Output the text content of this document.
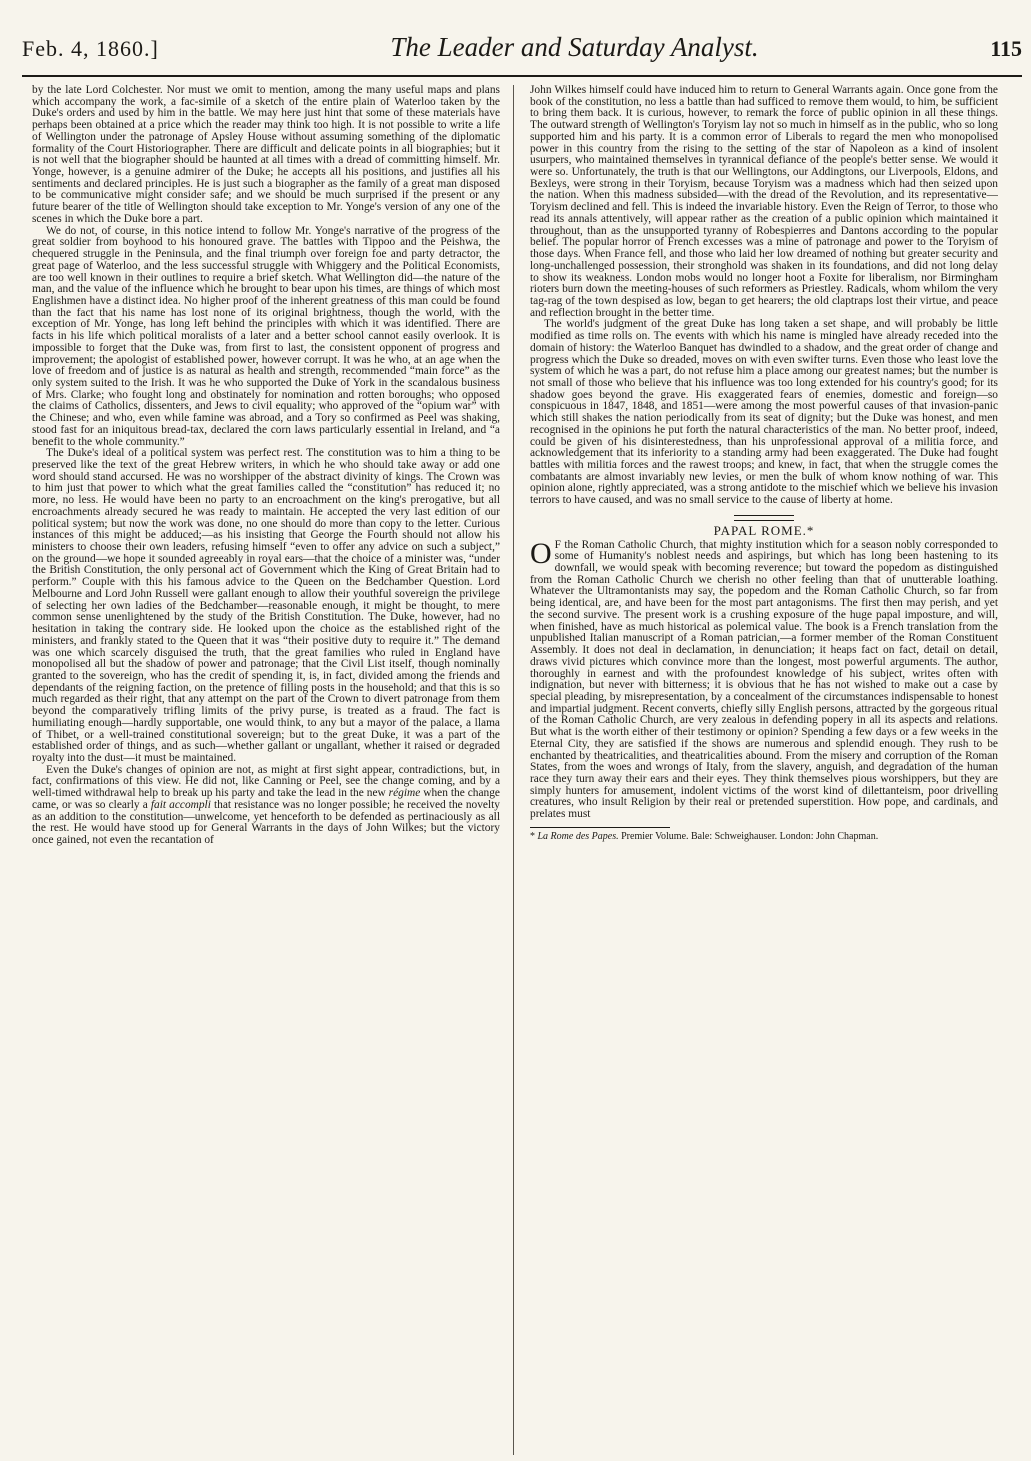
Feb. 4, 1860.]	The Leader and Saturday Analyst.	115

by the late Lord Colchester. Nor must we omit to mention, among the many useful maps and plans which accompany the work, a fac-simile of a sketch of the entire plain of Waterloo taken by the Duke's orders and used by him in the battle. We may here just hint that some of these materials have perhaps been obtained at a price which the reader may think too high. It is not possible to write a life of Wellington under the patronage of Apsley House without assuming something of the diplomatic formality of the Court Historiographer. There are difficult and delicate points in all biographies; but it is not well that the biographer should be haunted at all times with a dread of committing himself. Mr. Yonge, however, is a genuine admirer of the Duke; he accepts all his positions, and justifies all his sentiments and declared principles. He is just such a biographer as the family of a great man disposed to be communicative might consider safe; and we should be much surprised if the present or any future bearer of the title of Wellington should take exception to Mr. Yonge's version of any one of the scenes in which the Duke bore a part.

We do not, of course, in this notice intend to follow Mr. Yonge's narrative of the progress of the great soldier from boyhood to his honoured grave. The battles with Tippoo and the Peishwa, the chequered struggle in the Peninsula, and the final triumph over foreign foe and party detractor, the great page of Waterloo, and the less successful struggle with Whiggery and the Political Economists, are too well known in their outlines to require a brief sketch. What Wellington did—the nature of the man, and the value of the influence which he brought to bear upon his times, are things of which most Englishmen have a distinct idea. No higher proof of the inherent greatness of this man could be found than the fact that his name has lost none of its original brightness, though the world, with the exception of Mr. Yonge, has long left behind the principles with which it was identified. There are facts in his life which political moralists of a later and a better school cannot easily overlook. It is impossible to forget that the Duke was, from first to last, the consistent opponent of progress and improvement; the apologist of established power, however corrupt. It was he who, at an age when the love of freedom and of justice is as natural as health and strength, recommended “main force” as the only system suited to the Irish. It was he who supported the Duke of York in the scandalous business of Mrs. Clarke; who fought long and obstinately for nomination and rotten boroughs; who opposed the claims of Catholics, dissenters, and Jews to civil equality; who approved of the “opium war” with the Chinese; and who, even while famine was abroad, and a Tory so confirmed as Peel was shaking, stood fast for an iniquitous bread-tax, declared the corn laws particularly essential in Ireland, and “a benefit to the whole community.”

The Duke's ideal of a political system was perfect rest. The constitution was to him a thing to be preserved like the text of the great Hebrew writers, in which he who should take away or add one word should stand accursed. He was no worshipper of the abstract divinity of kings. The Crown was to him just that power to which what the great families called the “constitution” has reduced it; no more, no less. He would have been no party to an encroachment on the king's prerogative, but all encroachments already secured he was ready to maintain. He accepted the very last edition of our political system; but now the work was done, no one should do more than copy to the letter. Curious instances of this might be adduced;—as his insisting that George the Fourth should not allow his ministers to choose their own leaders, refusing himself “even to offer any advice on such a subject,” on the ground—we hope it sounded agreeably in royal ears—that the choice of a minister was, “under the British Constitution, the only personal act of Government which the King of Great Britain had to perform.” Couple with this his famous advice to the Queen on the Bedchamber Question. Lord Melbourne and Lord John Russell were gallant enough to allow their youthful sovereign the privilege of selecting her own ladies of the Bedchamber—reasonable enough, it might be thought, to mere common sense unenlightened by the study of the British Constitution. The Duke, however, had no hesitation in taking the contrary side. He looked upon the choice as the established right of the ministers, and frankly stated to the Queen that it was “their positive duty to require it.” The demand was one which scarcely disguised the truth, that the great families who ruled in England have monopolised all but the shadow of power and patronage; that the Civil List itself, though nominally granted to the sovereign, who has the credit of spending it, is, in fact, divided among the friends and dependants of the reigning faction, on the pretence of filling posts in the household; and that this is so much regarded as their right, that any attempt on the part of the Crown to divert patronage from them beyond the comparatively trifling limits of the privy purse, is treated as a fraud. The fact is humiliating enough—hardly supportable, one would think, to any but a mayor of the palace, a llama of Thibet, or a well-trained constitutional sovereign; but to the great Duke, it was a part of the established order of things, and as such—whether gallant or ungallant, whether it raised or degraded royalty into the dust—it must be maintained.

Even the Duke's changes of opinion are not, as might at first sight appear, contradictions, but, in fact, confirmations of this view. He did not, like Canning or Peel, see the change coming, and by a well-timed withdrawal help to break up his party and take the lead in the new régime when the change came, or was so clearly a fait accompli that resistance was no longer possible; he received the novelty as an addition to the constitution—unwelcome, yet henceforth to be defended as pertinaciously as all the rest. He would have stood up for General Warrants in the days of John Wilkes; but the victory once gained, not even the recantation of

John Wilkes himself could have induced him to return to General Warrants again. Once gone from the book of the constitution, no less a battle than had sufficed to remove them would, to him, be sufficient to bring them back. It is curious, however, to remark the force of public opinion in all these things. The outward strength of Wellington's Toryism lay not so much in himself as in the public, who so long supported him and his party. It is a common error of Liberals to regard the men who monopolised power in this country from the rising to the setting of the star of Napoleon as a kind of insolent usurpers, who maintained themselves in tyrannical defiance of the people's better sense. We would it were so. Unfortunately, the truth is that our Wellingtons, our Addingtons, our Liverpools, Eldons, and Bexleys, were strong in their Toryism, because Toryism was a madness which had then seized upon the nation. When this madness subsided—with the dread of the Revolution, and its representative—Toryism declined and fell. This is indeed the invariable history. Even the Reign of Terror, to those who read its annals attentively, will appear rather as the creation of a public opinion which maintained it throughout, than as the unsupported tyranny of Robespierres and Dantons according to the popular belief. The popular horror of French excesses was a mine of patronage and power to the Toryism of those days. When France fell, and those who laid her low dreamed of nothing but greater security and long-unchallenged possession, their stronghold was shaken in its foundations, and did not long delay to show its weakness. London mobs would no longer hoot a Foxite for liberalism, nor Birmingham rioters burn down the meeting-houses of such reformers as Priestley. Radicals, whom whilom the very tag-rag of the town despised as low, began to get hearers; the old claptraps lost their virtue, and peace and reflection brought in the better time.

The world's judgment of the great Duke has long taken a set shape, and will probably be little modified as time rolls on. The events with which his name is mingled have already receded into the domain of history: the Waterloo Banquet has dwindled to a shadow, and the great order of change and progress which the Duke so dreaded, moves on with even swifter turns. Even those who least love the system of which he was a part, do not refuse him a place among our greatest names; but the number is not small of those who believe that his influence was too long extended for his country's good; for its shadow goes beyond the grave. His exaggerated fears of enemies, domestic and foreign—so conspicuous in 1847, 1848, and 1851—were among the most powerful causes of that invasion-panic which still shakes the nation periodically from its seat of dignity; but the Duke was honest, and men recognised in the opinions he put forth the natural characteristics of the man. No better proof, indeed, could be given of his disinterestedness, than his unprofessional approval of a militia force, and acknowledgement that its inferiority to a standing army had been exaggerated. The Duke had fought battles with militia forces and the rawest troops; and knew, in fact, that when the struggle comes the combatants are almost invariably new levies, or men the bulk of whom know nothing of war. This opinion alone, rightly appreciated, was a strong antidote to the mischief which we believe his invasion terrors to have caused, and was no small service to the cause of liberty at home.

PAPAL ROME.*

O F the Roman Catholic Church, that mighty institution which for a season nobly corresponded to some of Humanity's noblest needs and aspirings, but which has long been hastening to its downfall, we would speak with becoming reverence; but toward the popedom as distinguished from the Roman Catholic Church we cherish no other feeling than that of unutterable loathing. Whatever the Ultramontanists may say, the popedom and the Roman Catholic Church, so far from being identical, are, and have been for the most part antagonisms. The first then may perish, and yet the second survive. The present work is a crushing exposure of the huge papal imposture, and will, when finished, have as much historical as polemical value. The book is a French translation from the unpublished Italian manuscript of a Roman patrician,—a former member of the Roman Constituent Assembly. It does not deal in declamation, in denunciation; it heaps fact on fact, detail on detail, draws vivid pictures which convince more than the longest, most powerful arguments. The author, thoroughly in earnest and with the profoundest knowledge of his subject, writes often with indignation, but never with bitterness; it is obvious that he has not wished to make out a case by special pleading, by misrepresentation, by a concealment of the circumstances indispensable to honest and impartial judgment. Recent converts, chiefly silly English persons, attracted by the gorgeous ritual of the Roman Catholic Church, are very zealous in defending popery in all its aspects and relations. But what is the worth either of their testimony or opinion? Spending a few days or a few weeks in the Eternal City, they are satisfied if the shows are numerous and splendid enough. They rush to be enchanted by theatricalities, and theatricalities abound. From the misery and corruption of the Roman States, from the woes and wrongs of Italy, from the slavery, anguish, and degradation of the human race they turn away their ears and their eyes. They think themselves pious worshippers, but they are simply hunters for amusement, indolent victims of the worst kind of dilettanteism, poor drivelling creatures, who insult Religion by their real or pretended superstition. How pope, and cardinals, and prelates must

* La Rome des Papes. Premier Volume. Bale: Schweighauser. London: John Chapman.
